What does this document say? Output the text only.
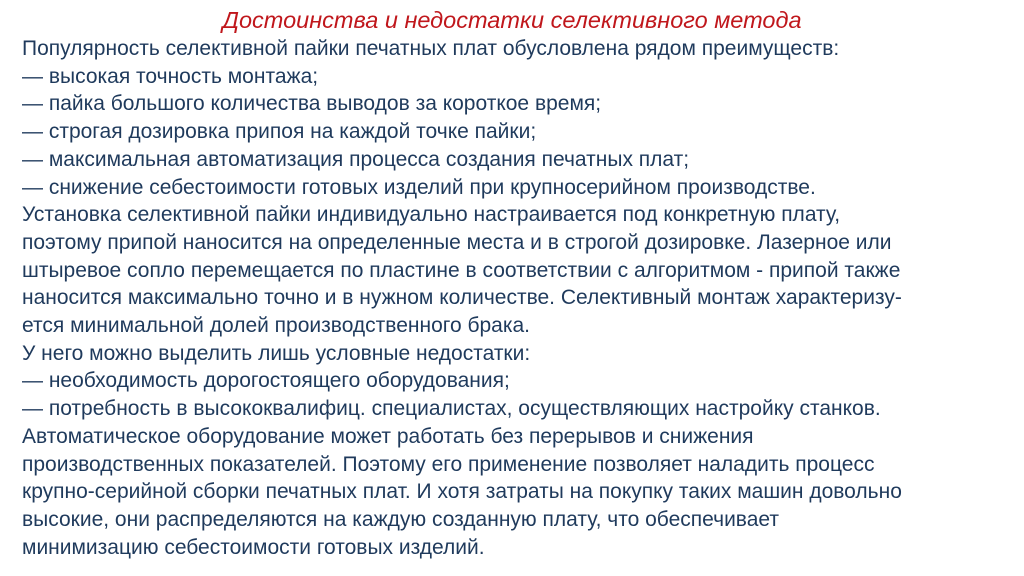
Достоинства и недостатки селективного метода
Популярность селективной пайки печатных плат обусловлена рядом преимуществ:
— высокая точность монтажа;
— пайка большого количества выводов за короткое время;
— строгая дозировка припоя на каждой точке пайки;
— максимальная автоматизация процесса создания печатных плат;
— снижение себестоимости готовых изделий при крупносерийном производстве.
Установка селективной пайки индивидуально настраивается под конкретную плату,
поэтому припой наносится на определенные места и в строгой дозировке. Лазерное или
штыревое сопло перемещается по пластине в соответствии с алгоритмом - припой также
наносится максимально точно и в нужном количестве. Селективный монтаж характеризу-
ется минимальной долей производственного брака.
У него можно выделить лишь условные недостатки:
— необходимость дорогостоящего оборудования;
— потребность в высококвалифиц. специалистах, осуществляющих настройку станков.
Автоматическое оборудование может работать без перерывов и снижения
производственных показателей. Поэтому его применение позволяет наладить процесс
крупно-серийной сборки печатных плат. И хотя затраты на покупку таких машин довольно
высокие, они распределяются на каждую созданную плату, что обеспечивает
минимизацию себестоимости готовых изделий.
